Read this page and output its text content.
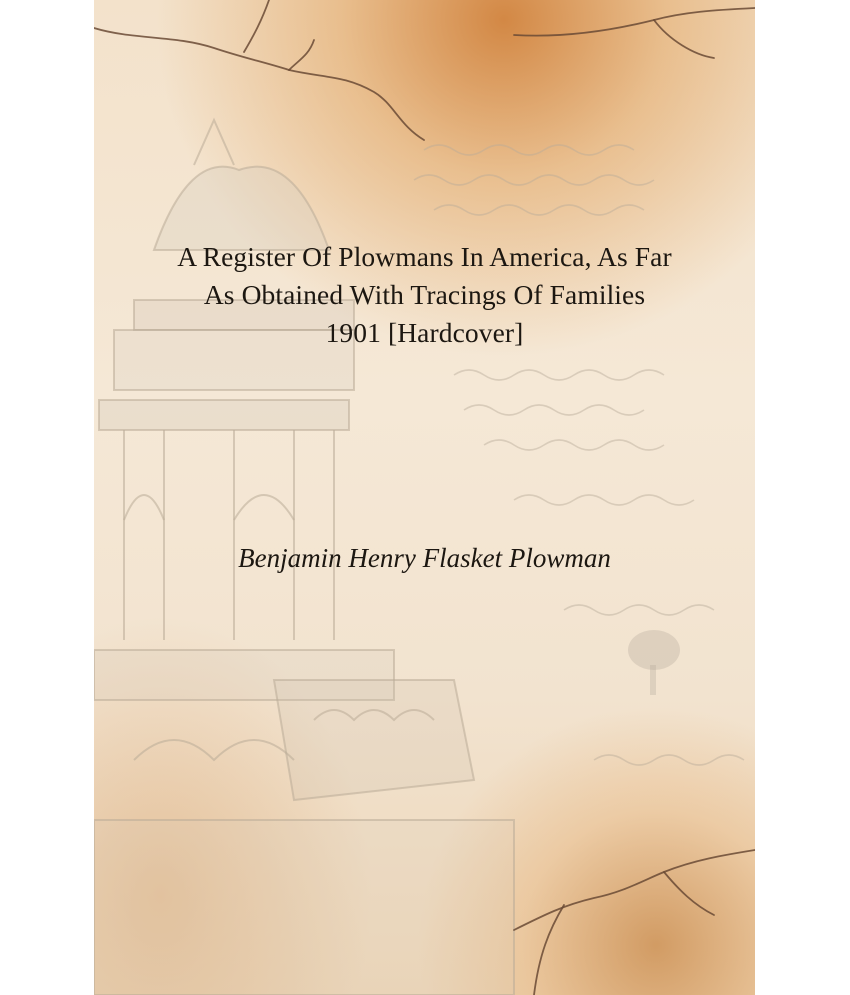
A Register Of Plowmans In America, As Far
As Obtained With Tracings Of Families
1901 [Hardcover]
Benjamin Henry Flasket Plowman
